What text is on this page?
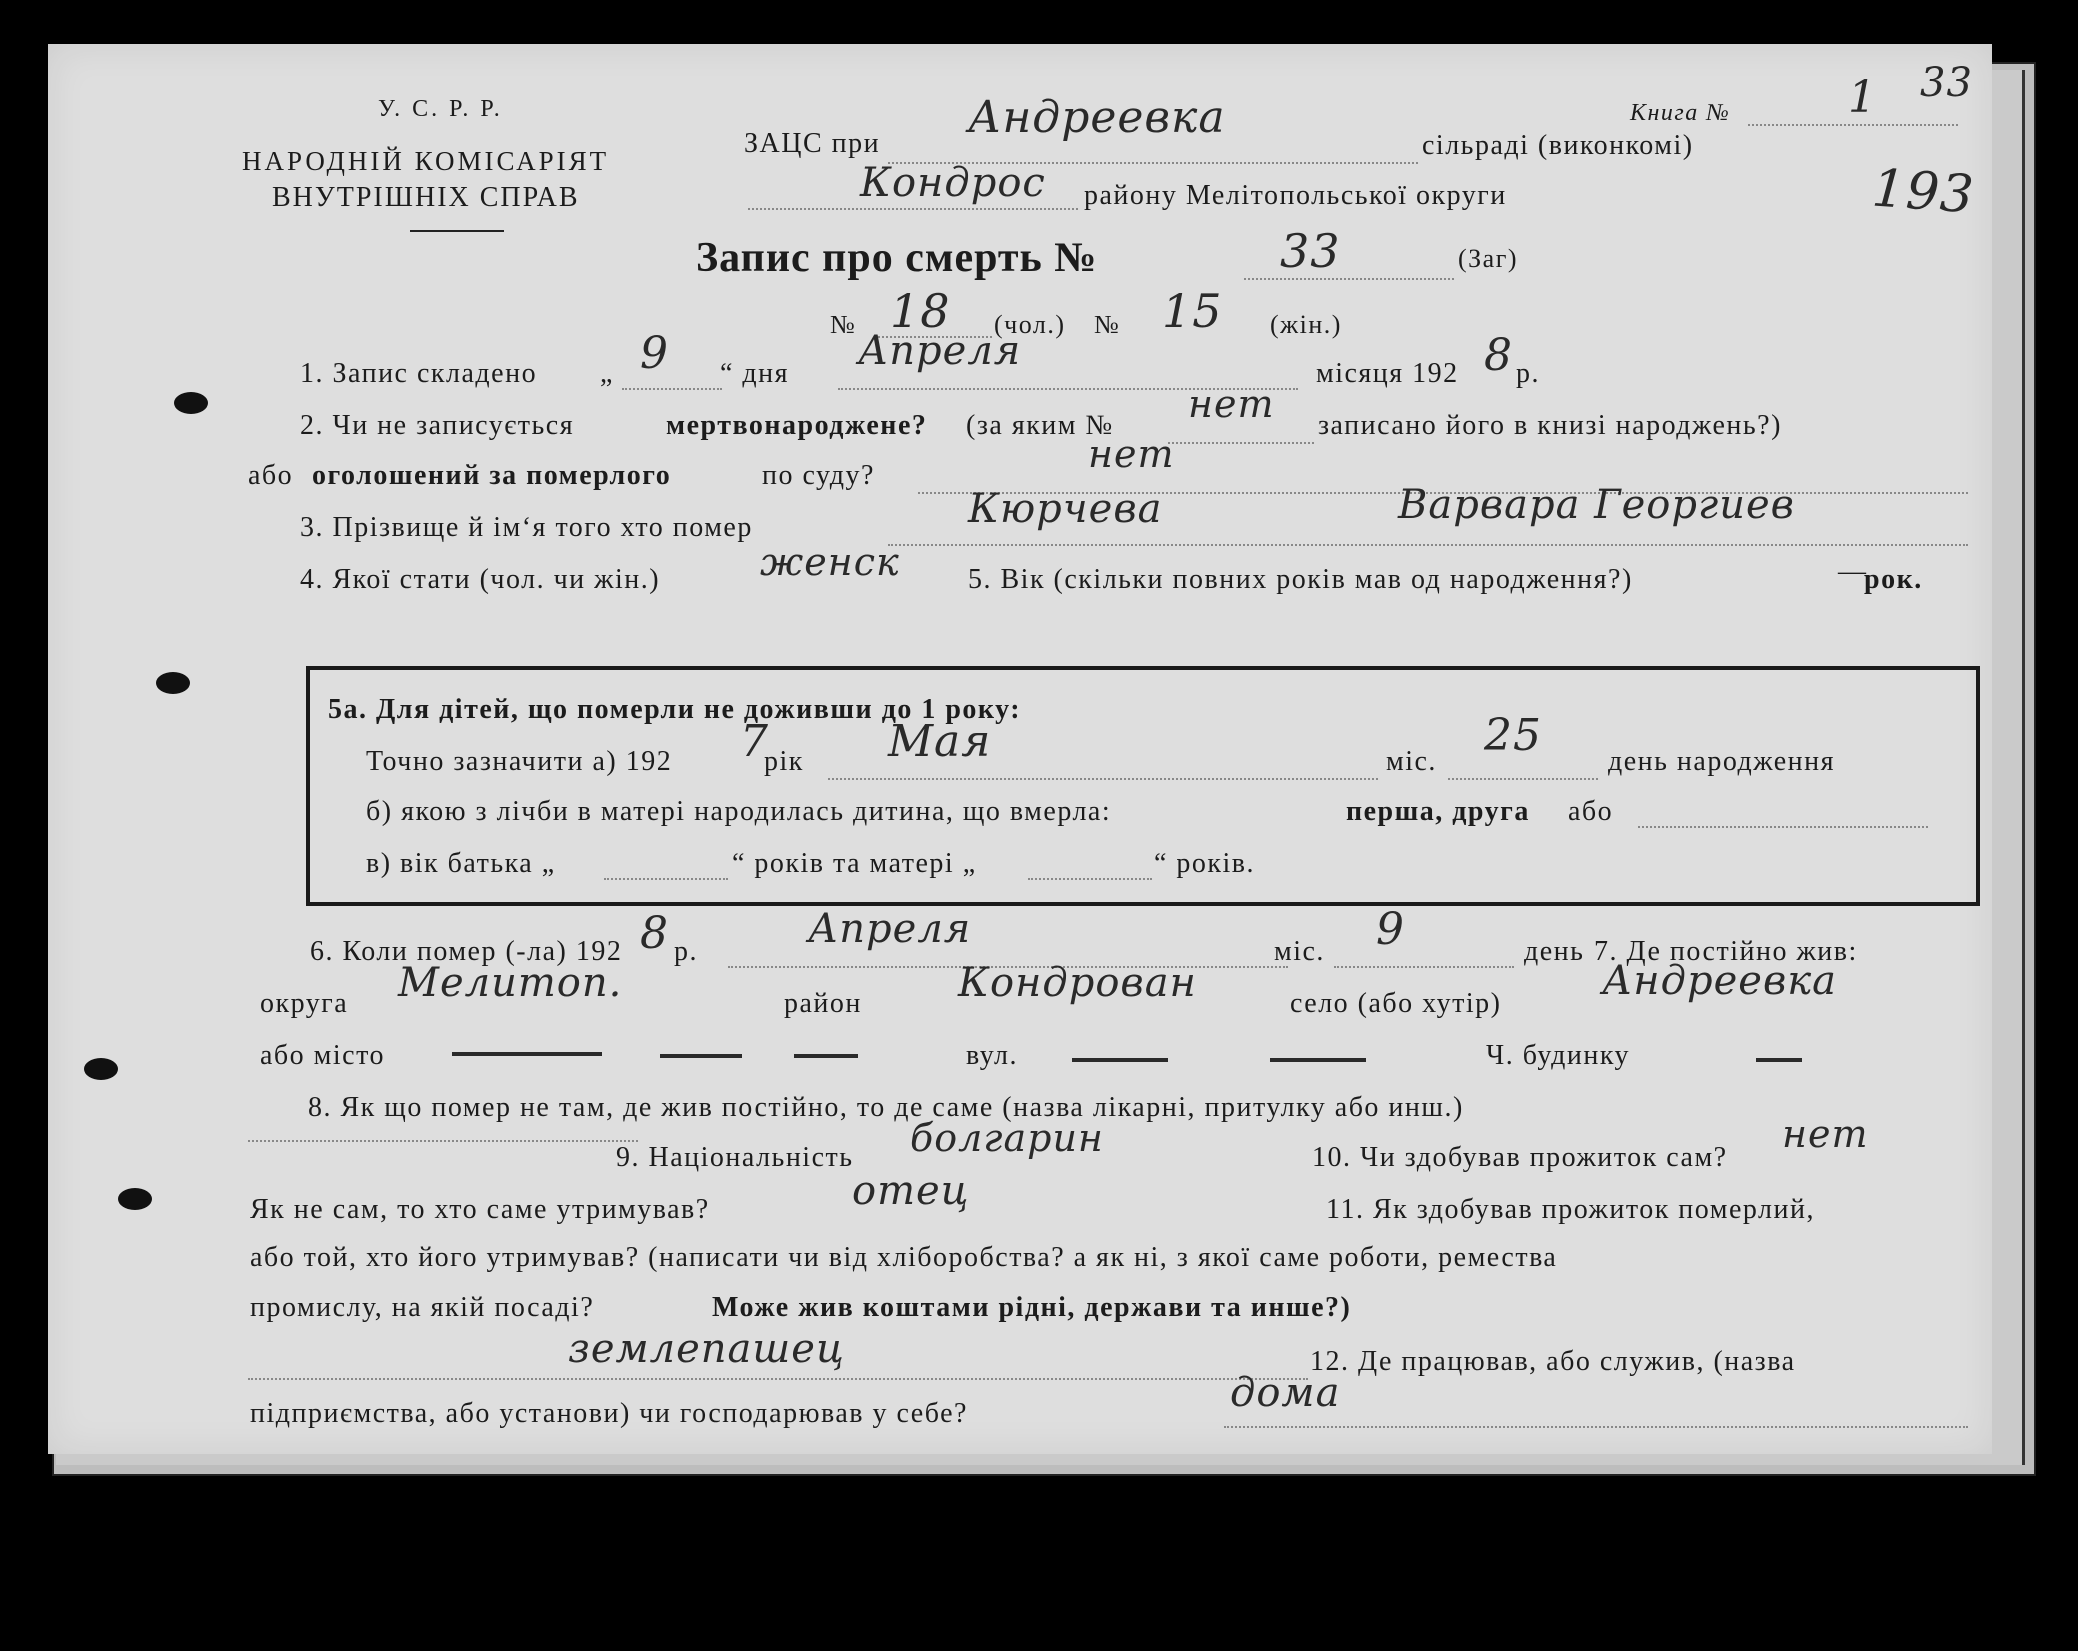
У. С. Р. Р.
НАРОДНІЙ КОМІСАРІЯТ
ВНУТРІШНІХ СПРАВ
ЗАЦС при
Андреевка
сільраді (виконкомі)
Кондрос району Мелітопольської округи
Книга №	1 33
193
Запис про смерть №	33	(Заг)
№ 18 (чол.) № 15 (жін.)
1. Запис складено „ 9 “ дня Апреля	місяця 192 8 р.
2. Чи не записується	мертвонароджене? (за яким № нет записано його в книзі народжень?)
або оголошений за померлого	по суду?	нет
3. Прізвище й ім‘я того хто помер	Кюрчева	Варвара Георгиев
4. Якої стати (чол. чи жін.)	женск 5. Вік (скільки повних років мав од народження?)	—
рок.
5а. Для дітей, що померли не доживши до 1 року:
Точно зазначити а) 192 7
рік Мая	міс.
25
день народження
б) якою з лічби в матері народилась дитина, що вмерла:	перша, друга або
в) вік батька „	“ років та матері „	“ років.
6. Коли помер (-ла) 192 8 р.	Апреля	міс. 9	день 7. Де постійно жив:
округа Мелитоп.	район Кондрован	село (або хутір)	Андреевка
або місто	вул.	Ч. будинку
8. Як що помер не там, де жив постійно, то де саме (назва лікарні, притулку або инш.)
9. Національність болгарин	10. Чи здобував прожиток сам?
нет
Як не сам, то хто саме утримував?	отец	11. Як здобував прожиток померлий,
або той, хто його утримував? (написати чи від хліборобства? а як ні, з якої саме роботи, ремества
промислу, на якій посаді?	Може жив коштами рідні, держави та инше?)
землепашец	12. Де працював, або служив, (назва
підприємства, або установи) чи господарював у себе?	дома
